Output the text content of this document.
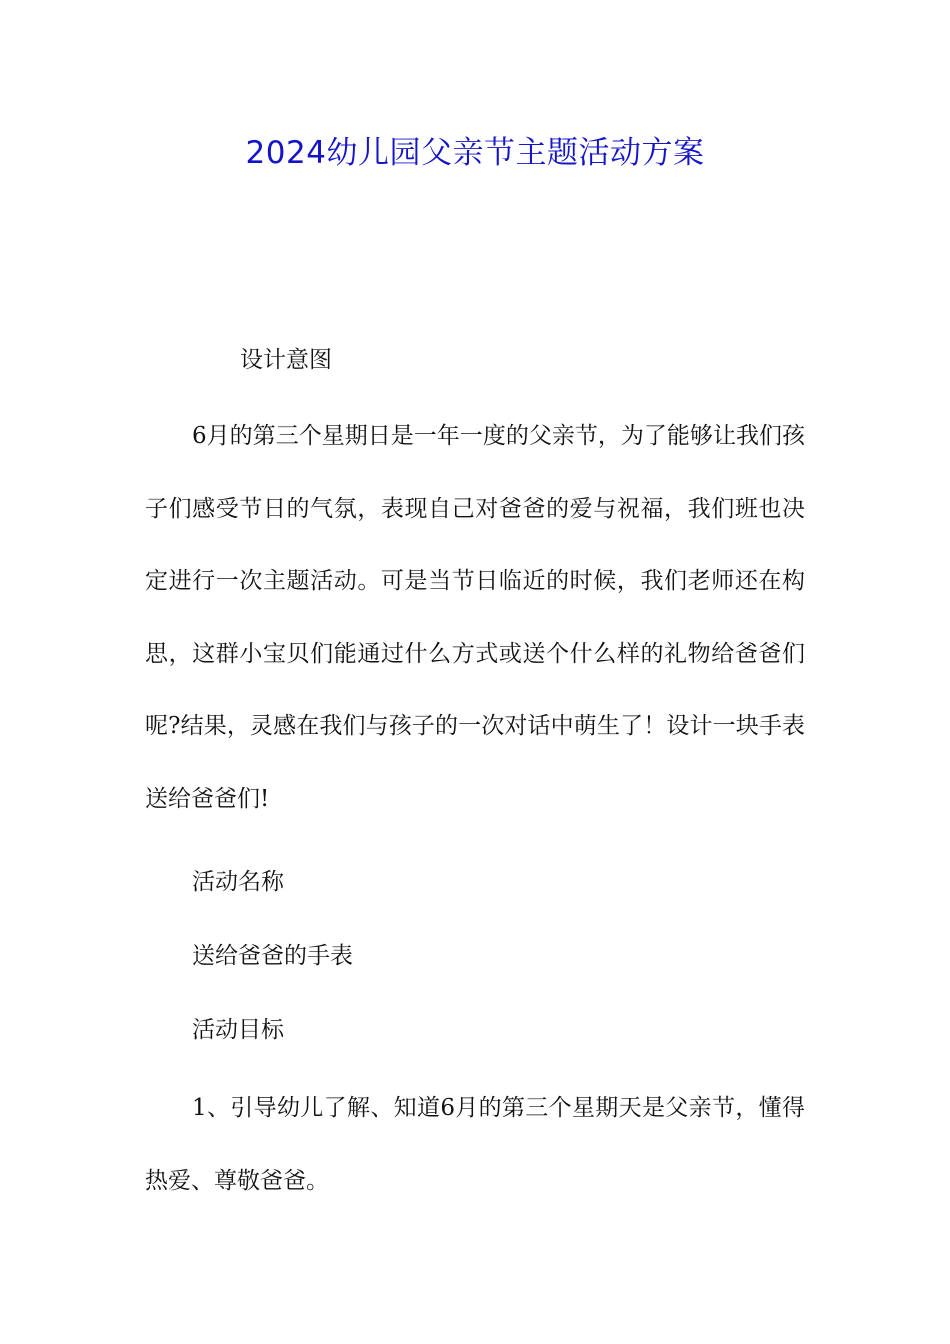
2024幼儿园父亲节主题活动方案
设计意图

6月的第三个星期日是一年一度的父亲节，为了能够让我们孩子们感受节日的气氛，表现自己对爸爸的爱与祝福，我们班也决定进行一次主题活动。可是当节日临近的时候，我们老师还在构思，这群小宝贝们能通过什么方式或送个什么样的礼物给爸爸们呢?结果，灵感在我们与孩子的一次对话中萌生了！设计一块手表送给爸爸们!

活动名称
送给爸爸的手表
活动目标

1、引导幼儿了解、知道6月的第三个星期天是父亲节，懂得热爱、尊敬爸爸。
